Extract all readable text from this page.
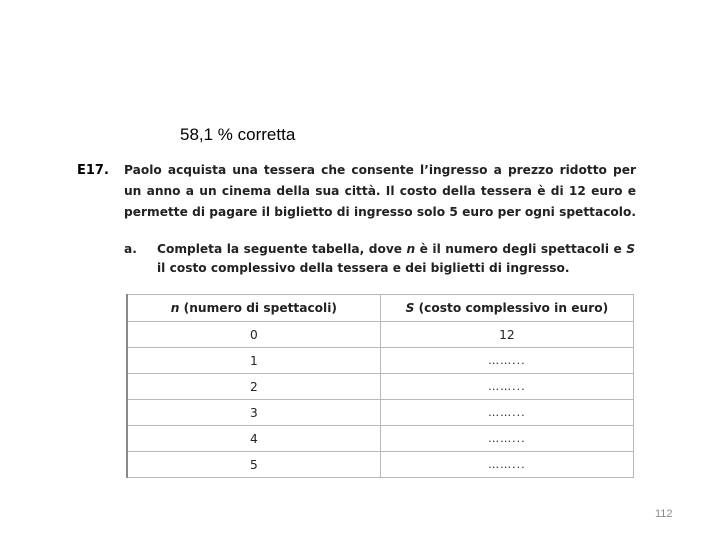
58,1 % corretta
E17. Paolo acquista una tessera che consente l’ingresso a prezzo ridotto per un anno a un cinema della sua città. Il costo della tessera è di 12 euro e permette di pagare il biglietto di ingresso solo 5 euro per ogni spettacolo.
a. Completa la seguente tabella, dove n è il numero degli spettacoli e S il costo complessivo della tessera e dei biglietti di ingresso.
n (numero di spettacoli)	S (costo complessivo in euro)
0	12
1	……...
2	……...
3	……...
4	……...
5	……...
112
